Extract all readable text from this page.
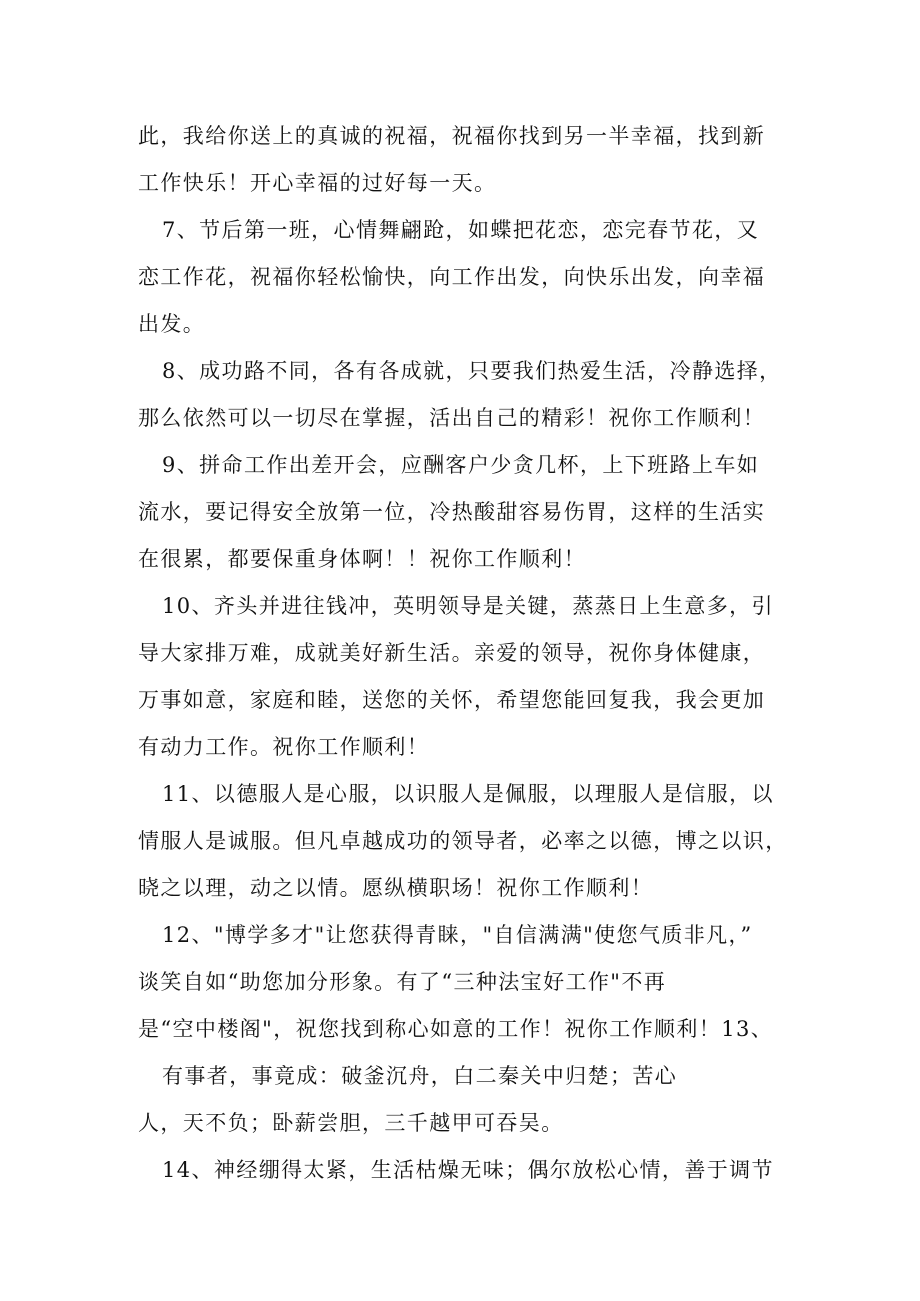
此，我给你送上的真诚的祝福，祝福你找到另一半幸福，找到新
工作快乐！开心幸福的过好每一天。
7、节后第一班，心情舞翩跄，如蝶把花恋，恋完春节花，又
恋工作花，祝福你轻松愉快，向工作出发，向快乐出发，向幸福
出发。
8、成功路不同，各有各成就，只要我们热爱生活，冷静选择，
那么依然可以一切尽在掌握，活出自己的精彩！祝你工作顺利！
9、拼命工作出差开会，应酬客户少贪几杯，上下班路上车如
流水，要记得安全放第一位，冷热酸甜容易伤胃，这样的生活实
在很累，都要保重身体啊！！祝你工作顺利！
10、齐头并进往钱冲，英明领导是关键，蒸蒸日上生意多，引
导大家排万难，成就美好新生活。亲爱的领导，祝你身体健康，
万事如意，家庭和睦，送您的关怀，希望您能回复我，我会更加
有动力工作。祝你工作顺利！
11、以德服人是心服，以识服人是佩服，以理服人是信服，以
情服人是诚服。但凡卓越成功的领导者，必率之以德，博之以识，
晓之以理，动之以情。愿纵横职场！祝你工作顺利！
12、"博学多才"让您获得青睐，"自信满满"使您气质非凡，”
谈笑自如“助您加分形象。有了“三种法宝好工作"不再
是“空中楼阁"，祝您找到称心如意的工作！祝你工作顺利！13、
有事者，事竟成：破釜沉舟，白二秦关中归楚；苦心
人，天不负；卧薪尝胆，三千越甲可吞吴。
14、神经绷得太紧，生活枯燥无味；偶尔放松心情，善于调节
